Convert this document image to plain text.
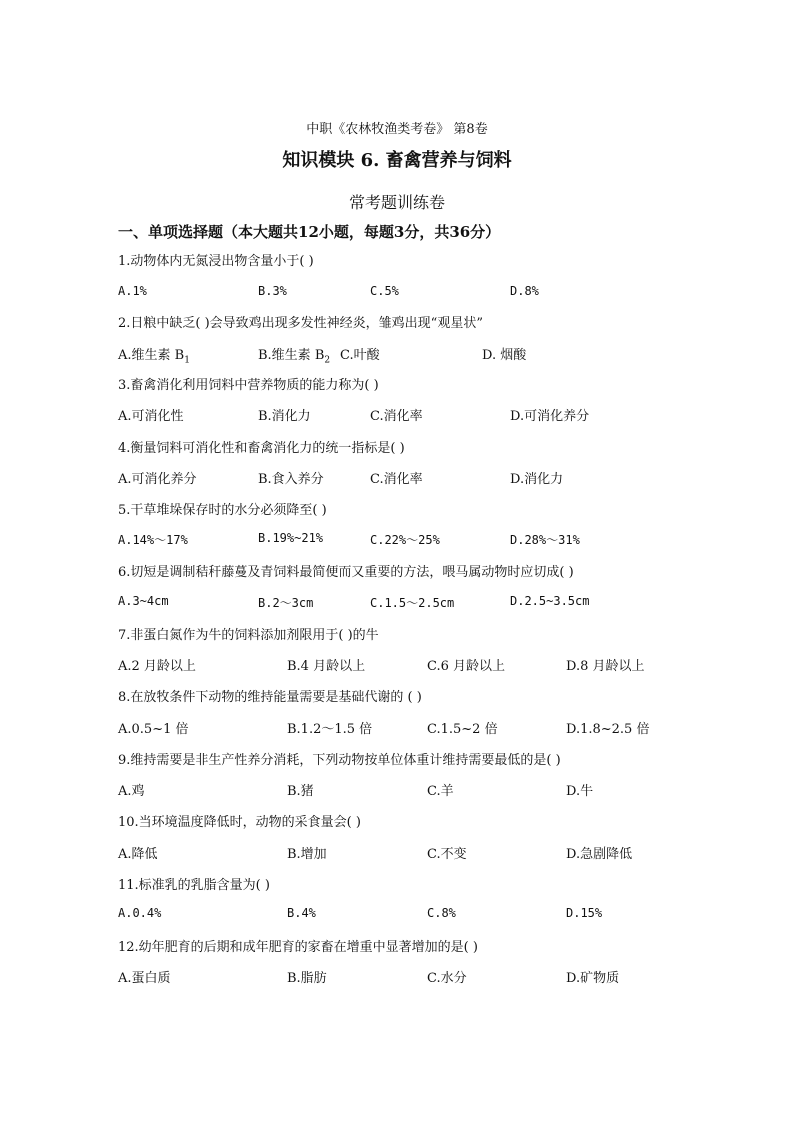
中职《农林牧渔类考卷》 第8卷
知识模块 6. 畜禽营养与饲料
常考题训练卷
一、单项选择题（本大题共12小题，每题3分，共36分）
1.动物体内无氮浸出物含量小于( )
A.1%	B.3%	C.5%	D.8%
2.日粮中缺乏( )会导致鸡出现多发性神经炎，雏鸡出现“观星状”
A.维生素 $B_1$	B.维生素 $B_2$ C.叶酸	D. 烟酸
3.畜禽消化利用饲料中营养物质的能力称为( )
A.可消化性	B.消化力	C.消化率	D.可消化养分
4.衡量饲料可消化性和畜禽消化力的统一指标是( )
A.可消化养分	B.食入养分	C.消化率	D.消化力
5.干草堆垛保存时的水分必须降至( )
A.14%～17%	B.19%~21%	C.22%～25%	D.28%～31%
6.切短是调制秸秆藤蔓及青饲料最简便而又重要的方法，喂马属动物时应切成( )
A.3~4cm	B.2～3cm	C.1.5～2.5cm	D.2.5~3.5cm
7.非蛋白氮作为牛的饲料添加剂限用于( )的牛
A.2 月龄以上	B.4 月龄以上	C.6 月龄以上	D.8 月龄以上
8.在放牧条件下动物的维持能量需要是基础代谢的 ( )
A.0.5~1 倍	B.1.2～1.5 倍	C.1.5~2 倍	D.1.8~2.5 倍
9.维持需要是非生产性养分消耗，下列动物按单位体重计维持需要最低的是( )
A.鸡	B.猪	C.羊	D.牛
10.当环境温度降低时，动物的采食量会( )
A.降低	B.增加	C.不变	D.急剧降低
11.标准乳的乳脂含量为( )
A.0.4%	B.4%	C.8%	D.15%
12.幼年肥育的后期和成年肥育的家畜在增重中显著增加的是( )
A.蛋白质	B.脂肪	C.水分	D.矿物质
